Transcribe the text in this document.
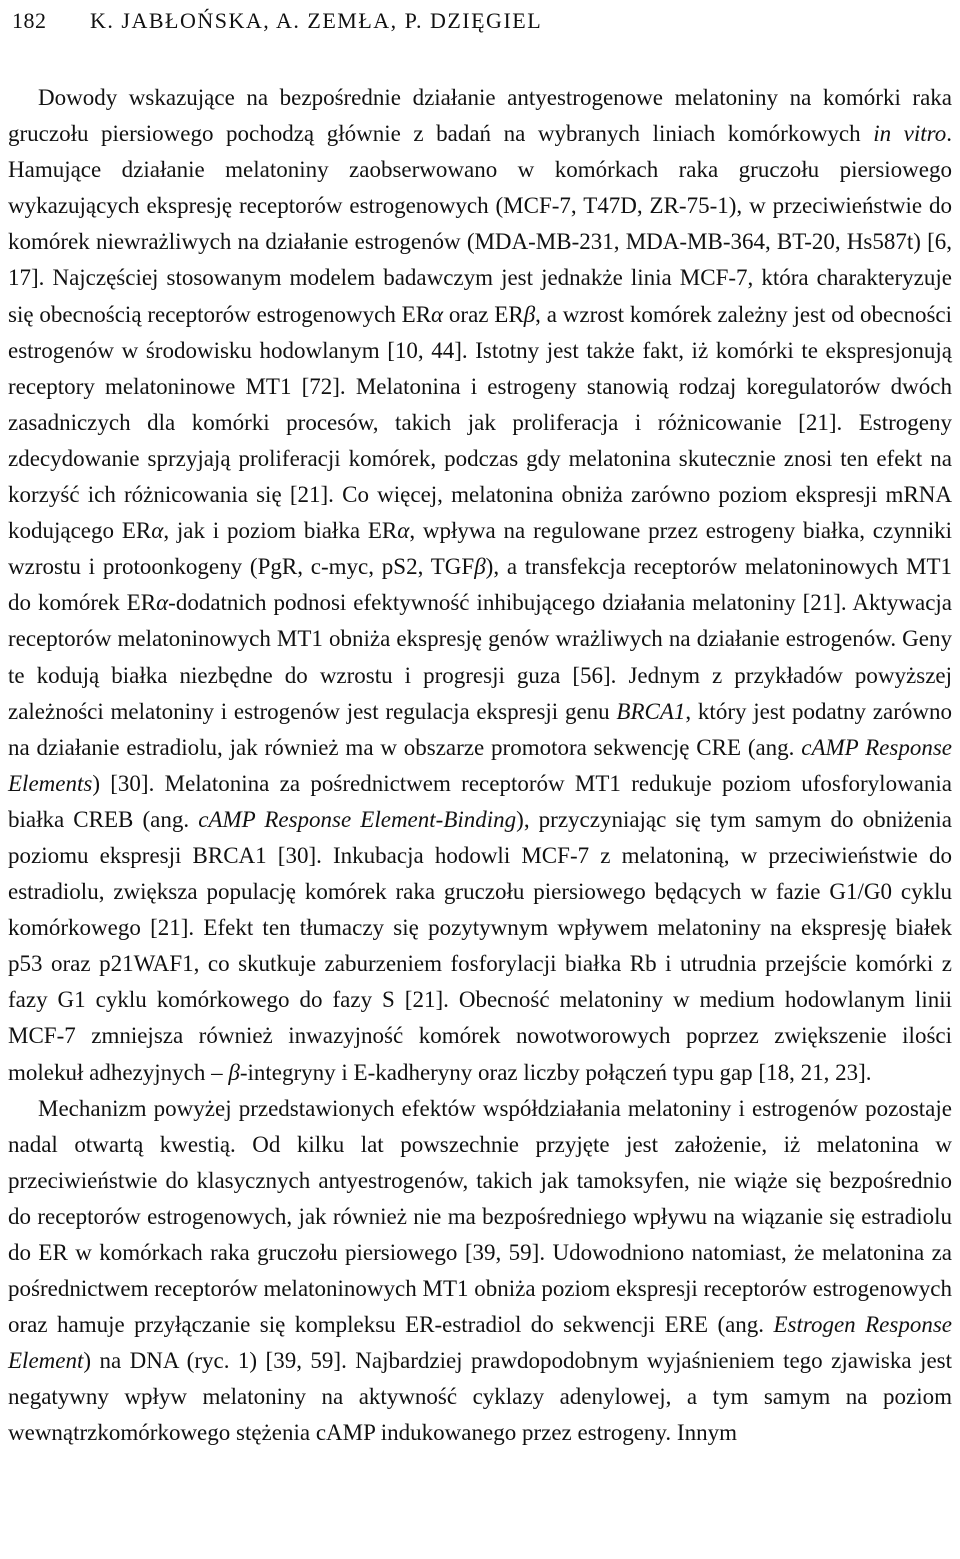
182 K. JABŁOŃSKA, A. ZEMŁA, P. DZIĘGIEL

Dowody wskazujące na bezpośrednie działanie antyestrogenowe melatoniny na komórki raka gruczołu piersiowego pochodzą głównie z badań na wybranych liniach komórkowych in vitro. Hamujące działanie melatoniny zaobserwowano w komórkach raka gruczołu piersiowego wykazujących ekspresję receptorów estrogenowych (MCF-7, T47D, ZR-75-1), w przeciwieństwie do komórek niewrażliwych na działanie estrogenów (MDA-MB-231, MDA-MB-364, BT-20, Hs587t) [6, 17]. Najczęściej stosowanym modelem badawczym jest jednakże linia MCF-7, która charakteryzuje się obecnością receptorów estrogenowych ERα oraz ERβ, a wzrost komórek zależny jest od obecności estrogenów w środowisku hodowlanym [10, 44]. Istotny jest także fakt, iż komórki te ekspresjonują receptory melatoninowe MT1 [72]. Melatonina i estrogeny stanowią rodzaj koregulatorów dwóch zasadniczych dla komórki procesów, takich jak proliferacja i różnicowanie [21]. Estrogeny zdecydowanie sprzyjają proliferacji komórek, podczas gdy melatonina skutecznie znosi ten efekt na korzyść ich różnicowania się [21]. Co więcej, melatonina obniża zarówno poziom ekspresji mRNA kodującego ERα, jak i poziom białka ERα, wpływa na regulowane przez estrogeny białka, czynniki wzrostu i protoonkogeny (PgR, c-myc, pS2, TGFβ), a transfekcja receptorów melatoninowych MT1 do komórek ERα-dodatnich podnosi efektywność inhibującego działania melatoniny [21]. Aktywacja receptorów melatoninowych MT1 obniża ekspresję genów wrażliwych na działanie estrogenów. Geny te kodują białka niezbędne do wzrostu i progresji guza [56]. Jednym z przykładów powyższej zależności melatoniny i estrogenów jest regulacja ekspresji genu BRCA1, który jest podatny zarówno na działanie estradiolu, jak również ma w obszarze promotora sekwencję CRE (ang. cAMP Response Elements) [30]. Melatonina za pośrednictwem receptorów MT1 redukuje poziom ufosforylowania białka CREB (ang. cAMP Response Element-Binding), przyczyniając się tym samym do obniżenia poziomu ekspresji BRCA1 [30]. Inkubacja hodowli MCF-7 z melatoniną, w przeciwieństwie do estradiolu, zwiększa populację komórek raka gruczołu piersiowego będących w fazie G1/G0 cyklu komórkowego [21]. Efekt ten tłumaczy się pozytywnym wpływem melatoniny na ekspresję białek p53 oraz p21WAF1, co skutkuje zaburzeniem fosforylacji białka Rb i utrudnia przejście komórki z fazy G1 cyklu komórkowego do fazy S [21]. Obecność melatoniny w medium hodowlanym linii MCF-7 zmniejsza również inwazyjność komórek nowotworowych poprzez zwiększenie ilości molekuł adhezyjnych – β-integryny i E-kadheryny oraz liczby połączeń typu gap [18, 21, 23].

Mechanizm powyżej przedstawionych efektów współdziałania melatoniny i estrogenów pozostaje nadal otwartą kwestią. Od kilku lat powszechnie przyjęte jest założenie, iż melatonina w przeciwieństwie do klasycznych antyestrogenów, takich jak tamoksyfen, nie wiąże się bezpośrednio do receptorów estrogenowych, jak również nie ma bezpośredniego wpływu na wiązanie się estradiolu do ER w komórkach raka gruczołu piersiowego [39, 59]. Udowodniono natomiast, że melatonina za pośrednictwem receptorów melatoninowych MT1 obniża poziom ekspresji receptorów estrogenowych oraz hamuje przyłączanie się kompleksu ER-estradiol do sekwencji ERE (ang. Estrogen Response Element) na DNA (ryc. 1) [39, 59]. Najbardziej prawdopodobnym wyjaśnieniem tego zjawiska jest negatywny wpływ melatoniny na aktywność cyklazy adenylowej, a tym samym na poziom wewnątrzkomórkowego stężenia cAMP indukowanego przez estrogeny. Innym
